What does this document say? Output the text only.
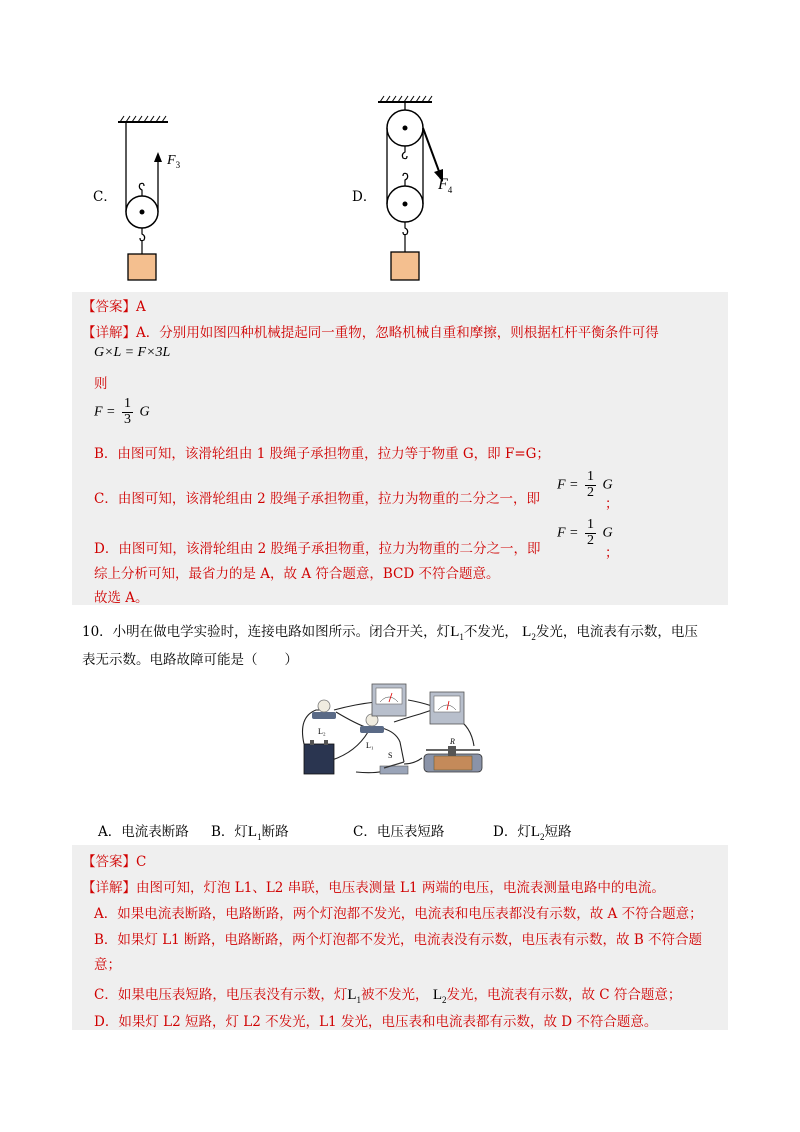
C．
$F_3$
D．
$F_4$
【答案】A
【详解】A．分别用如图四种机械提起同一重物，忽略机械自重和摩擦，则根据杠杆平衡条件可得
G×L = F×3L
则
$F = \frac{1}{3}$ G
B．由图可知，该滑轮组由 1 股绳子承担物重，拉力等于物重 G，即 F=G；
C．由图可知，该滑轮组由 2 股绳子承担物重，拉力为物重的二分之一，即
$F = \frac{1}{2}$ G
；
D．由图可知，该滑轮组由 2 股绳子承担物重，拉力为物重的二分之一，即
$F = \frac{1}{2}$ G
；
综上分析可知，最省力的是 A，故 A 符合题意，BCD 不符合题意。
故选 A。
10．小明在做电学实验时，连接电路如图所示。闭合开关，灯$L_1$不发光， $L_2$发光，电流表有示数，电压
表无示数。电路故障可能是（　　）
L₂
L₁
S
R
A．电流表断路 B．灯$L_1$断路	C．电压表短路	D．灯$L_2$短路
【答案】C
【详解】由图可知，灯泡 L1、L2 串联，电压表测量 L1 两端的电压，电流表测量电路中的电流。
A．如果电流表断路，电路断路，两个灯泡都不发光，电流表和电压表都没有示数，故 A 不符合题意；
B．如果灯 L1 断路，电路断路，两个灯泡都不发光，电流表没有示数，电压表有示数，故 B 不符合题
意；
C．如果电压表短路，电压表没有示数，灯$L_1$被不发光， $L_2$发光，电流表有示数，故 C 符合题意；
D．如果灯 L2 短路，灯 L2 不发光，L1 发光，电压表和电流表都有示数，故 D 不符合题意。
